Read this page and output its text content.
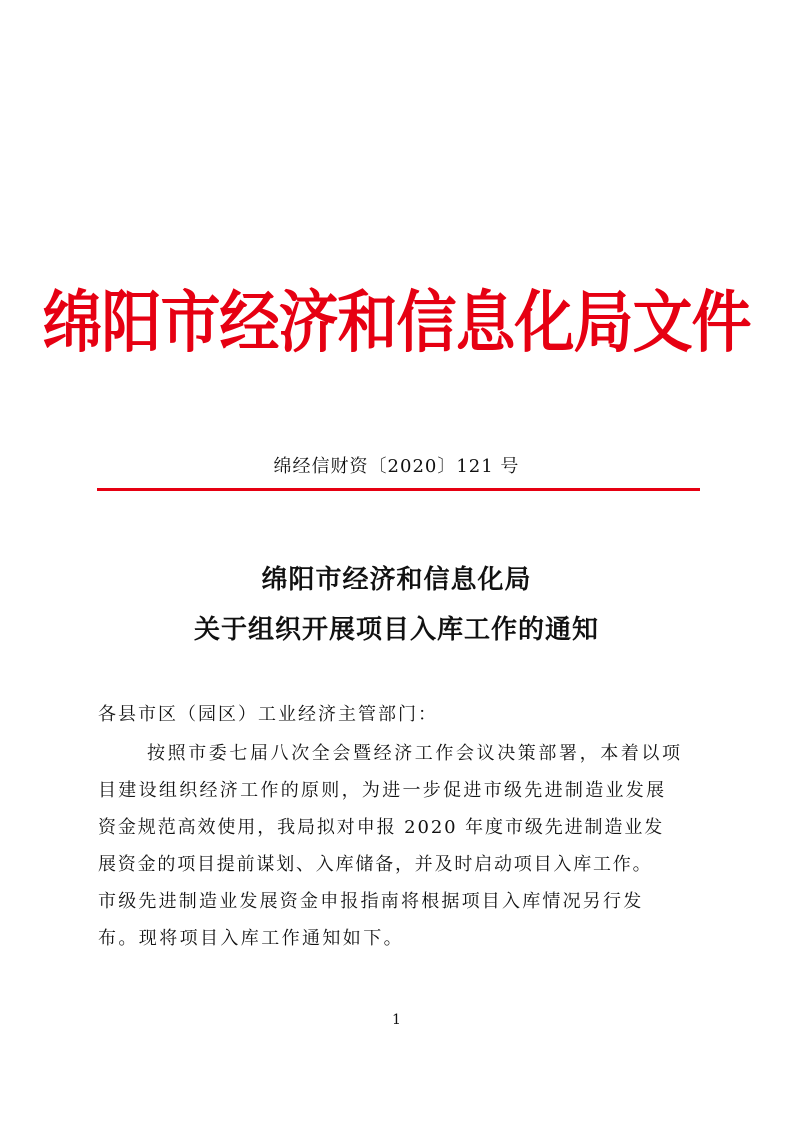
绵阳市经济和信息化局文件
绵经信财资〔2020〕121 号
绵阳市经济和信息化局
关于组织开展项目入库工作的通知
各县市区（园区）工业经济主管部门：
按照市委七届八次全会暨经济工作会议决策部署，本着以项
目建设组织经济工作的原则，为进一步促进市级先进制造业发展
资金规范高效使用，我局拟对申报 2020 年度市级先进制造业发
展资金的项目提前谋划、入库储备，并及时启动项目入库工作。
市级先进制造业发展资金申报指南将根据项目入库情况另行发
布。现将项目入库工作通知如下。
1
